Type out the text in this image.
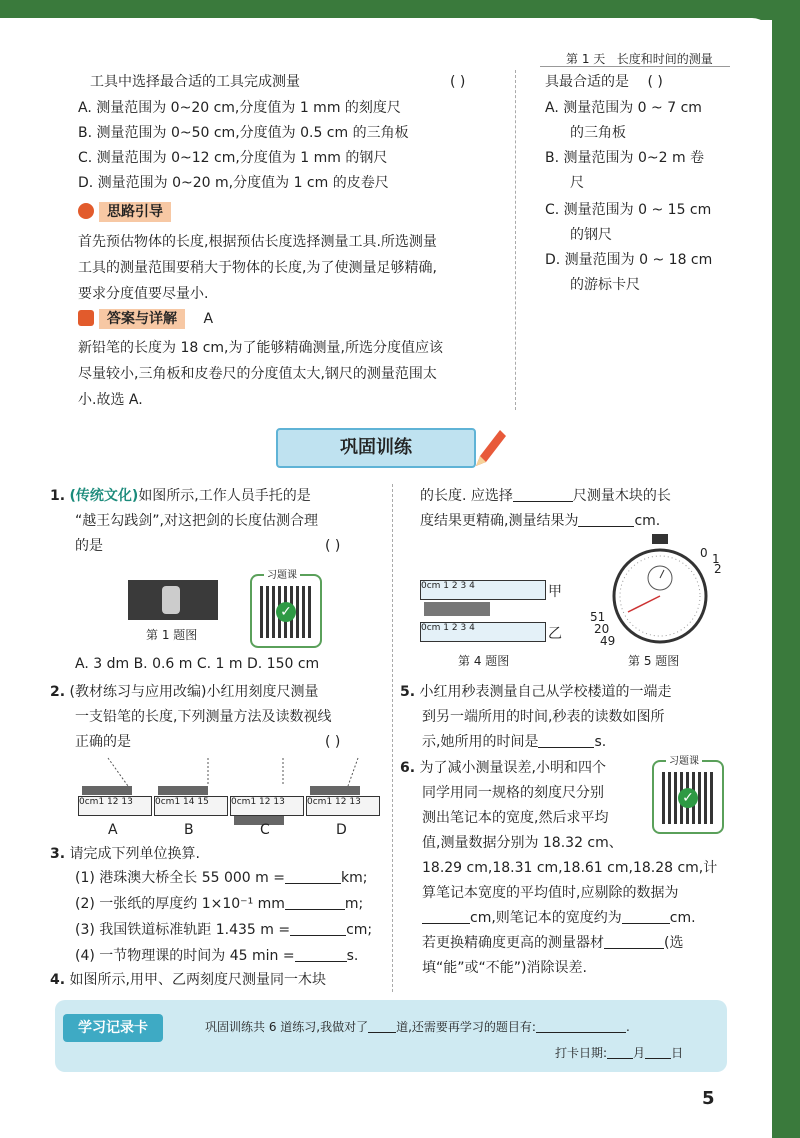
第 1 天 长度和时间的测量
工具中选择最合适的工具完成测量	( )
A. 测量范围为 0~20 cm,分度值为 1 mm 的刻度尺
B. 测量范围为 0~50 cm,分度值为 0.5 cm 的三角板
C. 测量范围为 0~12 cm,分度值为 1 mm 的钢尺
D. 测量范围为 0~20 m,分度值为 1 cm 的皮卷尺
思路引导
首先预估物体的长度,根据预估长度选择测量工具.所选测量
工具的测量范围要稍大于物体的长度,为了使测量足够精确,
要求分度值要尽量小.
答案与详解 A
新铅笔的长度为 18 cm,为了能够精确测量,所选分度值应该
尽量较小,三角板和皮卷尺的分度值太大,钢尺的测量范围太
小.故选 A.
具最合适的是 ( )
A. 测量范围为 0 ~ 7 cm
的三角板
B. 测量范围为 0~2 m 卷
尺
C. 测量范围为 0 ~ 15 cm
的钢尺
D. 测量范围为 0 ~ 18 cm
的游标卡尺
巩固训练
1. (传统文化)如图所示,工作人员手托的是
“越王勾践剑”,对这把剑的长度估测合理
的是	( )
第 1 题图
习题课
✓
A. 3 dm B. 0.6 m C. 1 m D. 150 cm
2. (教材练习与应用改编)小红用刻度尺测量
一支铅笔的长度,下列测量方法及读数视线
正确的是	( )
0cm1 12 13	0cm1 14 15	0cm1 12 13	0cm1 12 13
A	B	C	D
3. 请完成下列单位换算.
(1) 港珠澳大桥全长 55 000 m =	km;
(2) 一张纸的厚度约 1×10⁻¹ mm	m;
(3) 我国铁道标准轨距 1.435 m =	cm;
(4) 一节物理课的时间为 45 min =	s.
4. 如图所示,用甲、乙两刻度尺测量同一木块
的长度. 应选择	尺测量木块的长
度结果更精确,测量结果为	cm.
0cm 1 2 3 4
0cm 1 2 3 4
甲
乙
第 4 题图
0 1
2
51
20
49
第 5 题图
5. 小红用秒表测量自己从学校楼道的一端走
到另一端所用的时间,秒表的读数如图所
示,她所用的时间是	s.
6. 为了减小测量误差,小明和四个
同学用同一规格的刻度尺分别
测出笔记本的宽度,然后求平均
值,测量数据分别为 18.32 cm、
18.29 cm,18.31 cm,18.61 cm,18.28 cm,计
算笔记本宽度的平均值时,应剔除的数据为
cm,则笔记本的宽度约为	cm.
若更换精确度更高的测量器材	(选
填“能”或“不能”)消除误差.
习题课
✓
学习记录卡	巩固训练共 6 道练习,我做对了 道,还需要再学习的题目有:	.
打卡日期: 月 日
5
